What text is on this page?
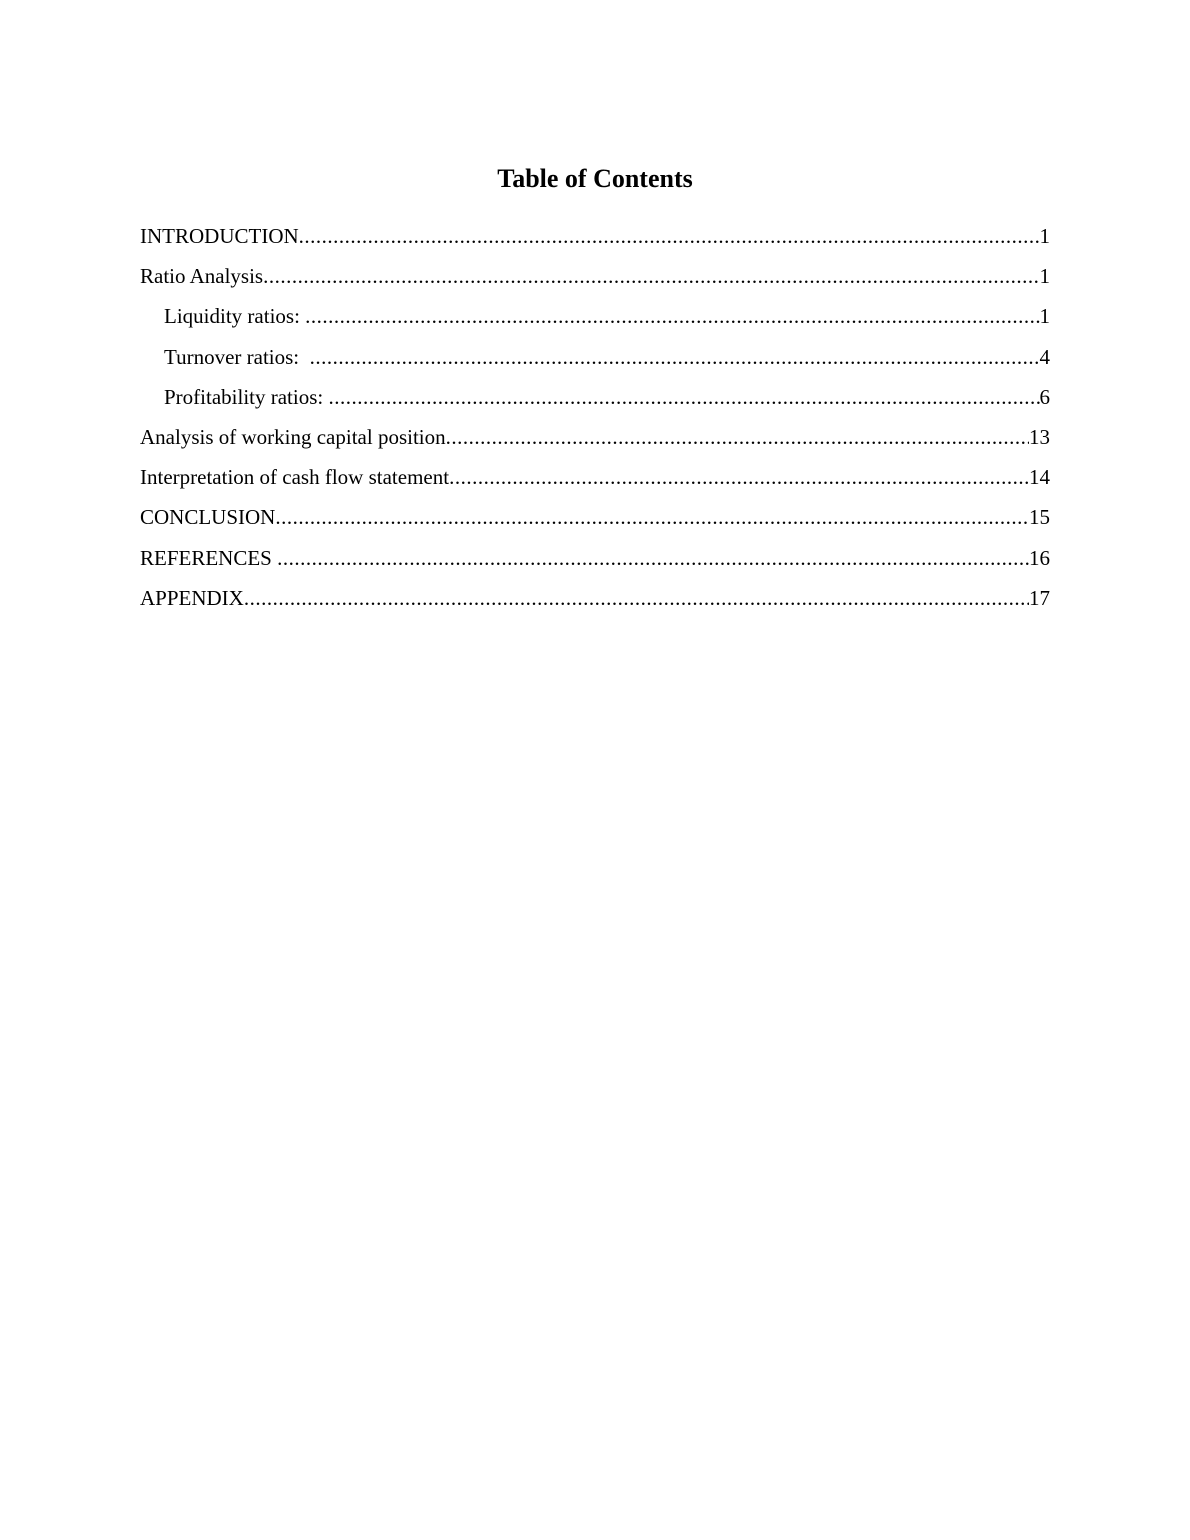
Table of Contents
INTRODUCTION .....	1
Ratio Analysis .....	1
Liquidity ratios: .....	1
Turnover ratios: .....	4
Profitability ratios: .....	6
Analysis of working capital position .....	13
Interpretation of cash flow statement .....	14
CONCLUSION .....	15
REFERENCES .....	16
APPENDIX .....	17
